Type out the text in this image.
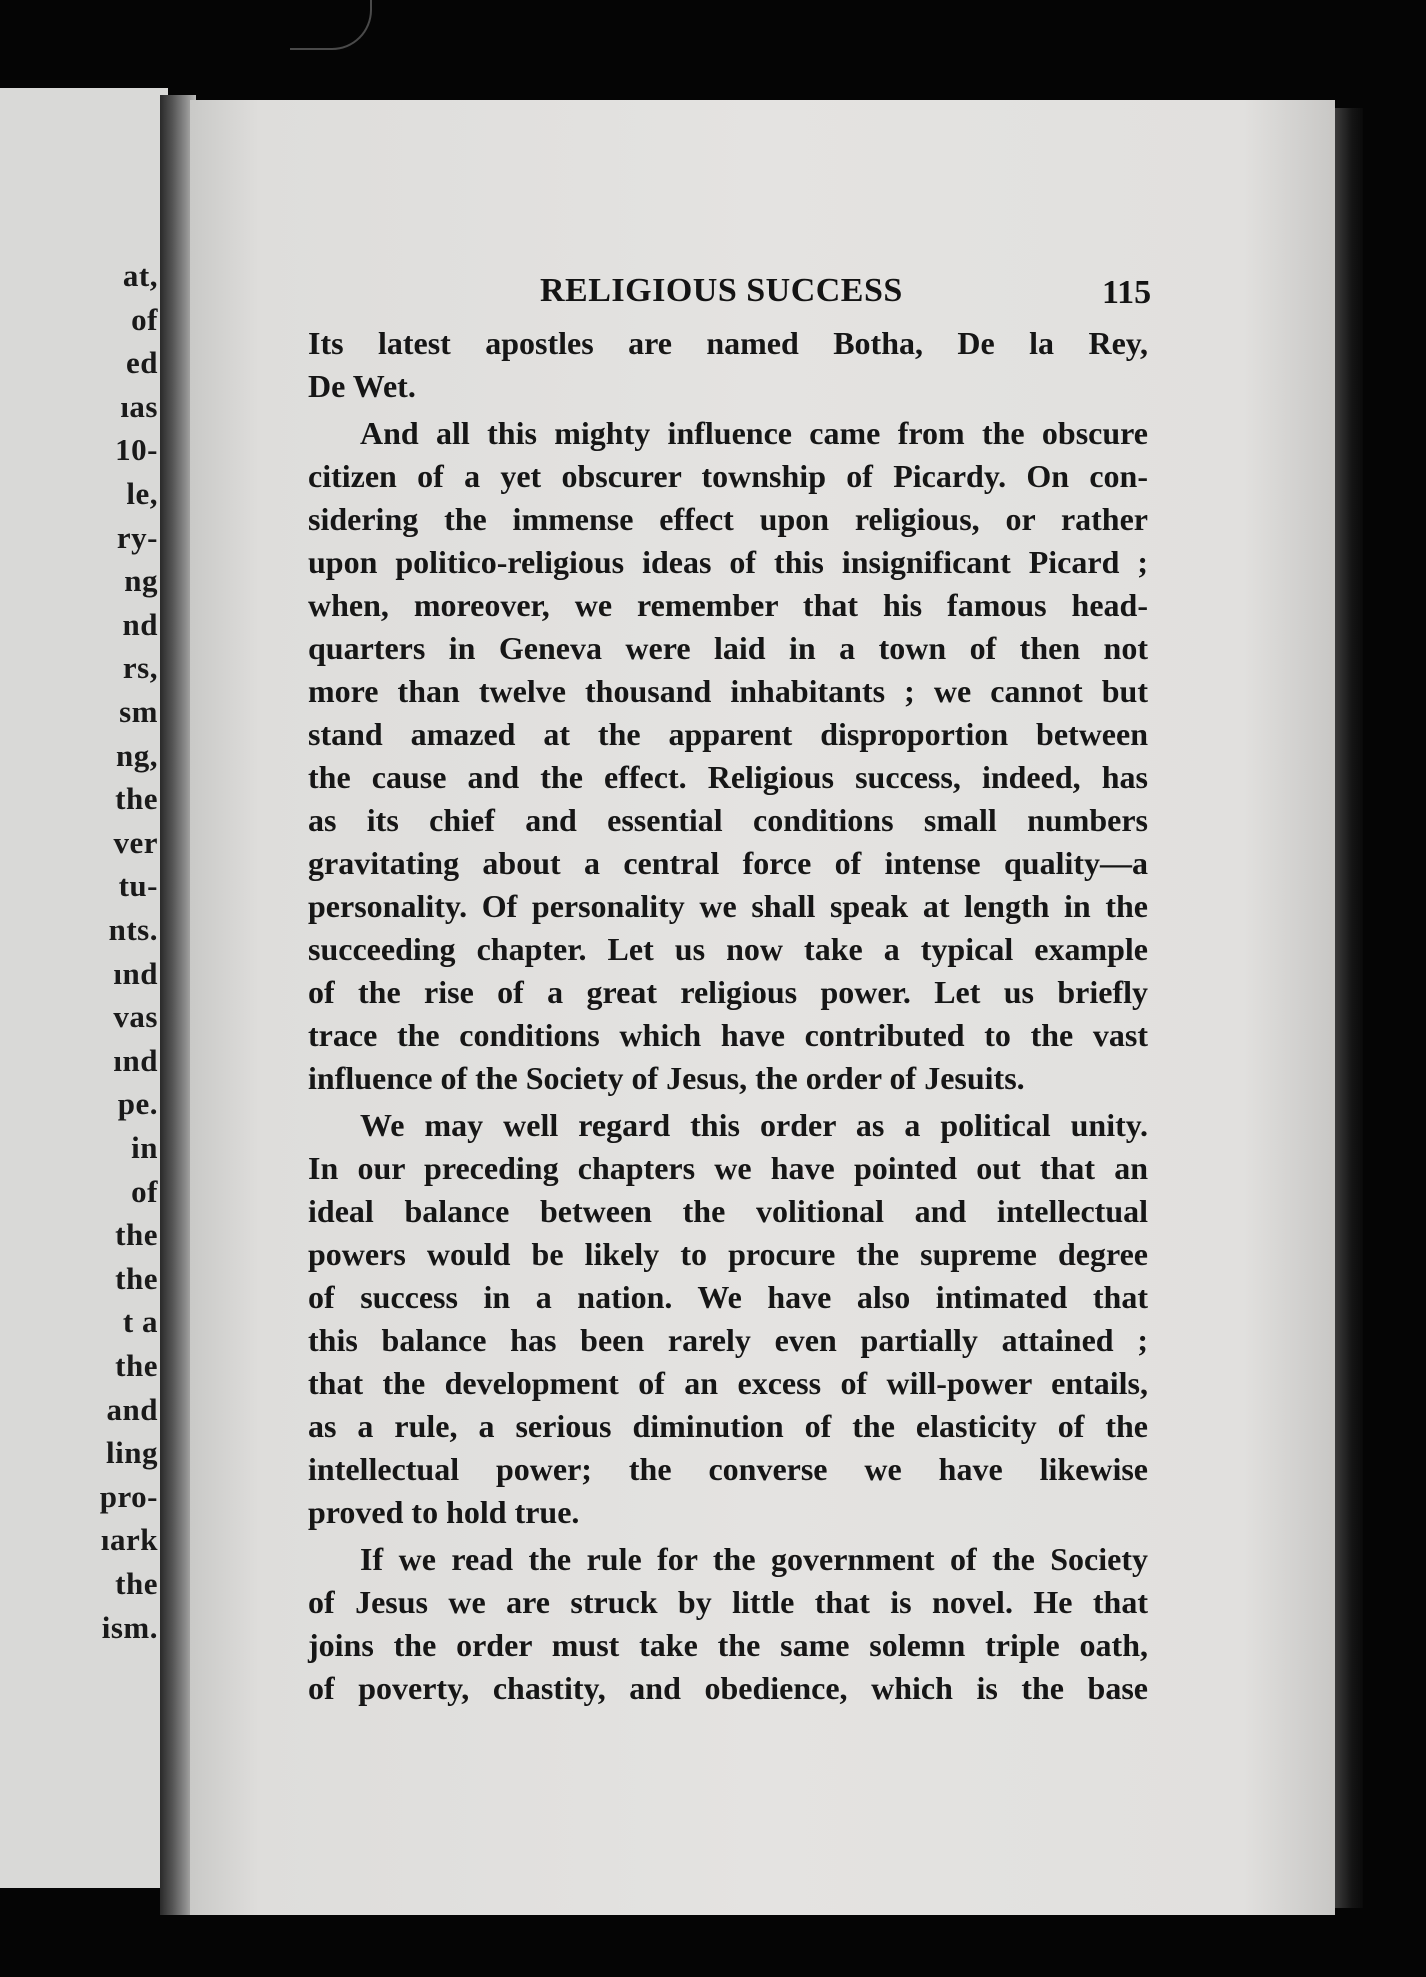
at,
of
ed
ıas
10-
le,
ry-
ng
nd
rs,
sm
ng,
the
ver
tu-
nts.
ınd
vas
ınd
pe.
in
of
the
the
t a
the
and
ling
pro-
ıark
the
ism.
RELIGIOUS SUCCESS	115
Its latest apostles are named Botha, De la Rey,
De Wet.
And all this mighty influence came from the obscure
citizen of a yet obscurer township of Picardy. On con-
sidering the immense effect upon religious, or rather
upon politico-religious ideas of this insignificant Picard ;
when, moreover, we remember that his famous head-
quarters in Geneva were laid in a town of then not
more than twelve thousand inhabitants ; we cannot but
stand amazed at the apparent disproportion between
the cause and the effect. Religious success, indeed, has
as its chief and essential conditions small numbers
gravitating about a central force of intense quality—a
personality. Of personality we shall speak at length in the
succeeding chapter. Let us now take a typical example
of the rise of a great religious power. Let us briefly
trace the conditions which have contributed to the vast
influence of the Society of Jesus, the order of Jesuits.
We may well regard this order as a political unity.
In our preceding chapters we have pointed out that an
ideal balance between the volitional and intellectual
powers would be likely to procure the supreme degree
of success in a nation. We have also intimated that
this balance has been rarely even partially attained ;
that the development of an excess of will-power entails,
as a rule, a serious diminution of the elasticity of the
intellectual power; the converse we have likewise
proved to hold true.
If we read the rule for the government of the Society
of Jesus we are struck by little that is novel. He that
joins the order must take the same solemn triple oath,
of poverty, chastity, and obedience, which is the base
